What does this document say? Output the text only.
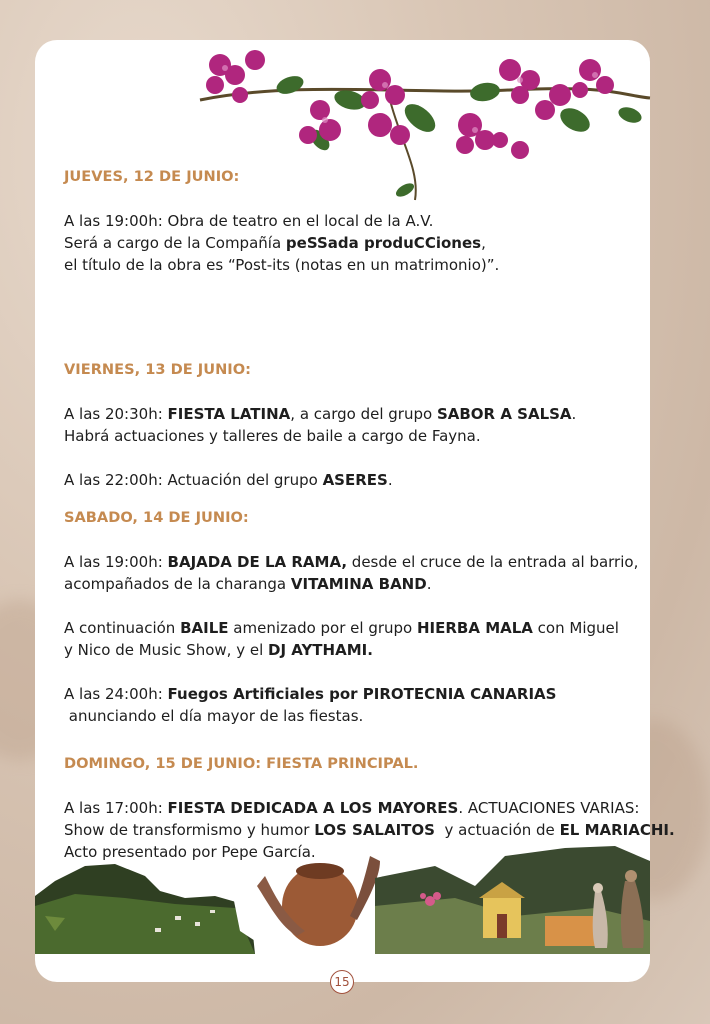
JUEVES, 12 DE JUNIO:

A las 19:00h: Obra de teatro en el local de la A.V.
Será a cargo de la Compañía peSSada produCCiones,
el título de la obra es “Post-its (notas en un matrimonio)”.

VIERNES, 13 DE JUNIO:

A las 20:30h: FIESTA LATINA, a cargo del grupo SABOR A SALSA.
Habrá actuaciones y talleres de baile a cargo de Fayna.

A las 22:00h: Actuación del grupo ASERES.

SABADO, 14 DE JUNIO:

A las 19:00h: BAJADA DE LA RAMA, desde el cruce de la entrada al barrio,
acompañados de la charanga VITAMINA BAND.

A continuación BAILE amenizado por el grupo HIERBA MALA con Miguel
y Nico de Music Show, y el DJ AYTHAMI.

A las 24:00h: Fuegos Artificiales por PIROTECNIA CANARIAS
anunciando el día mayor de las fiestas.

DOMINGO, 15 DE JUNIO: FIESTA PRINCIPAL.

A las 17:00h: FIESTA DEDICADA A LOS MAYORES. ACTUACIONES VARIAS:
Show de transformismo y humor LOS SALAITOS  y actuación de EL MARIACHI.
Acto presentado por Pepe García.

15
